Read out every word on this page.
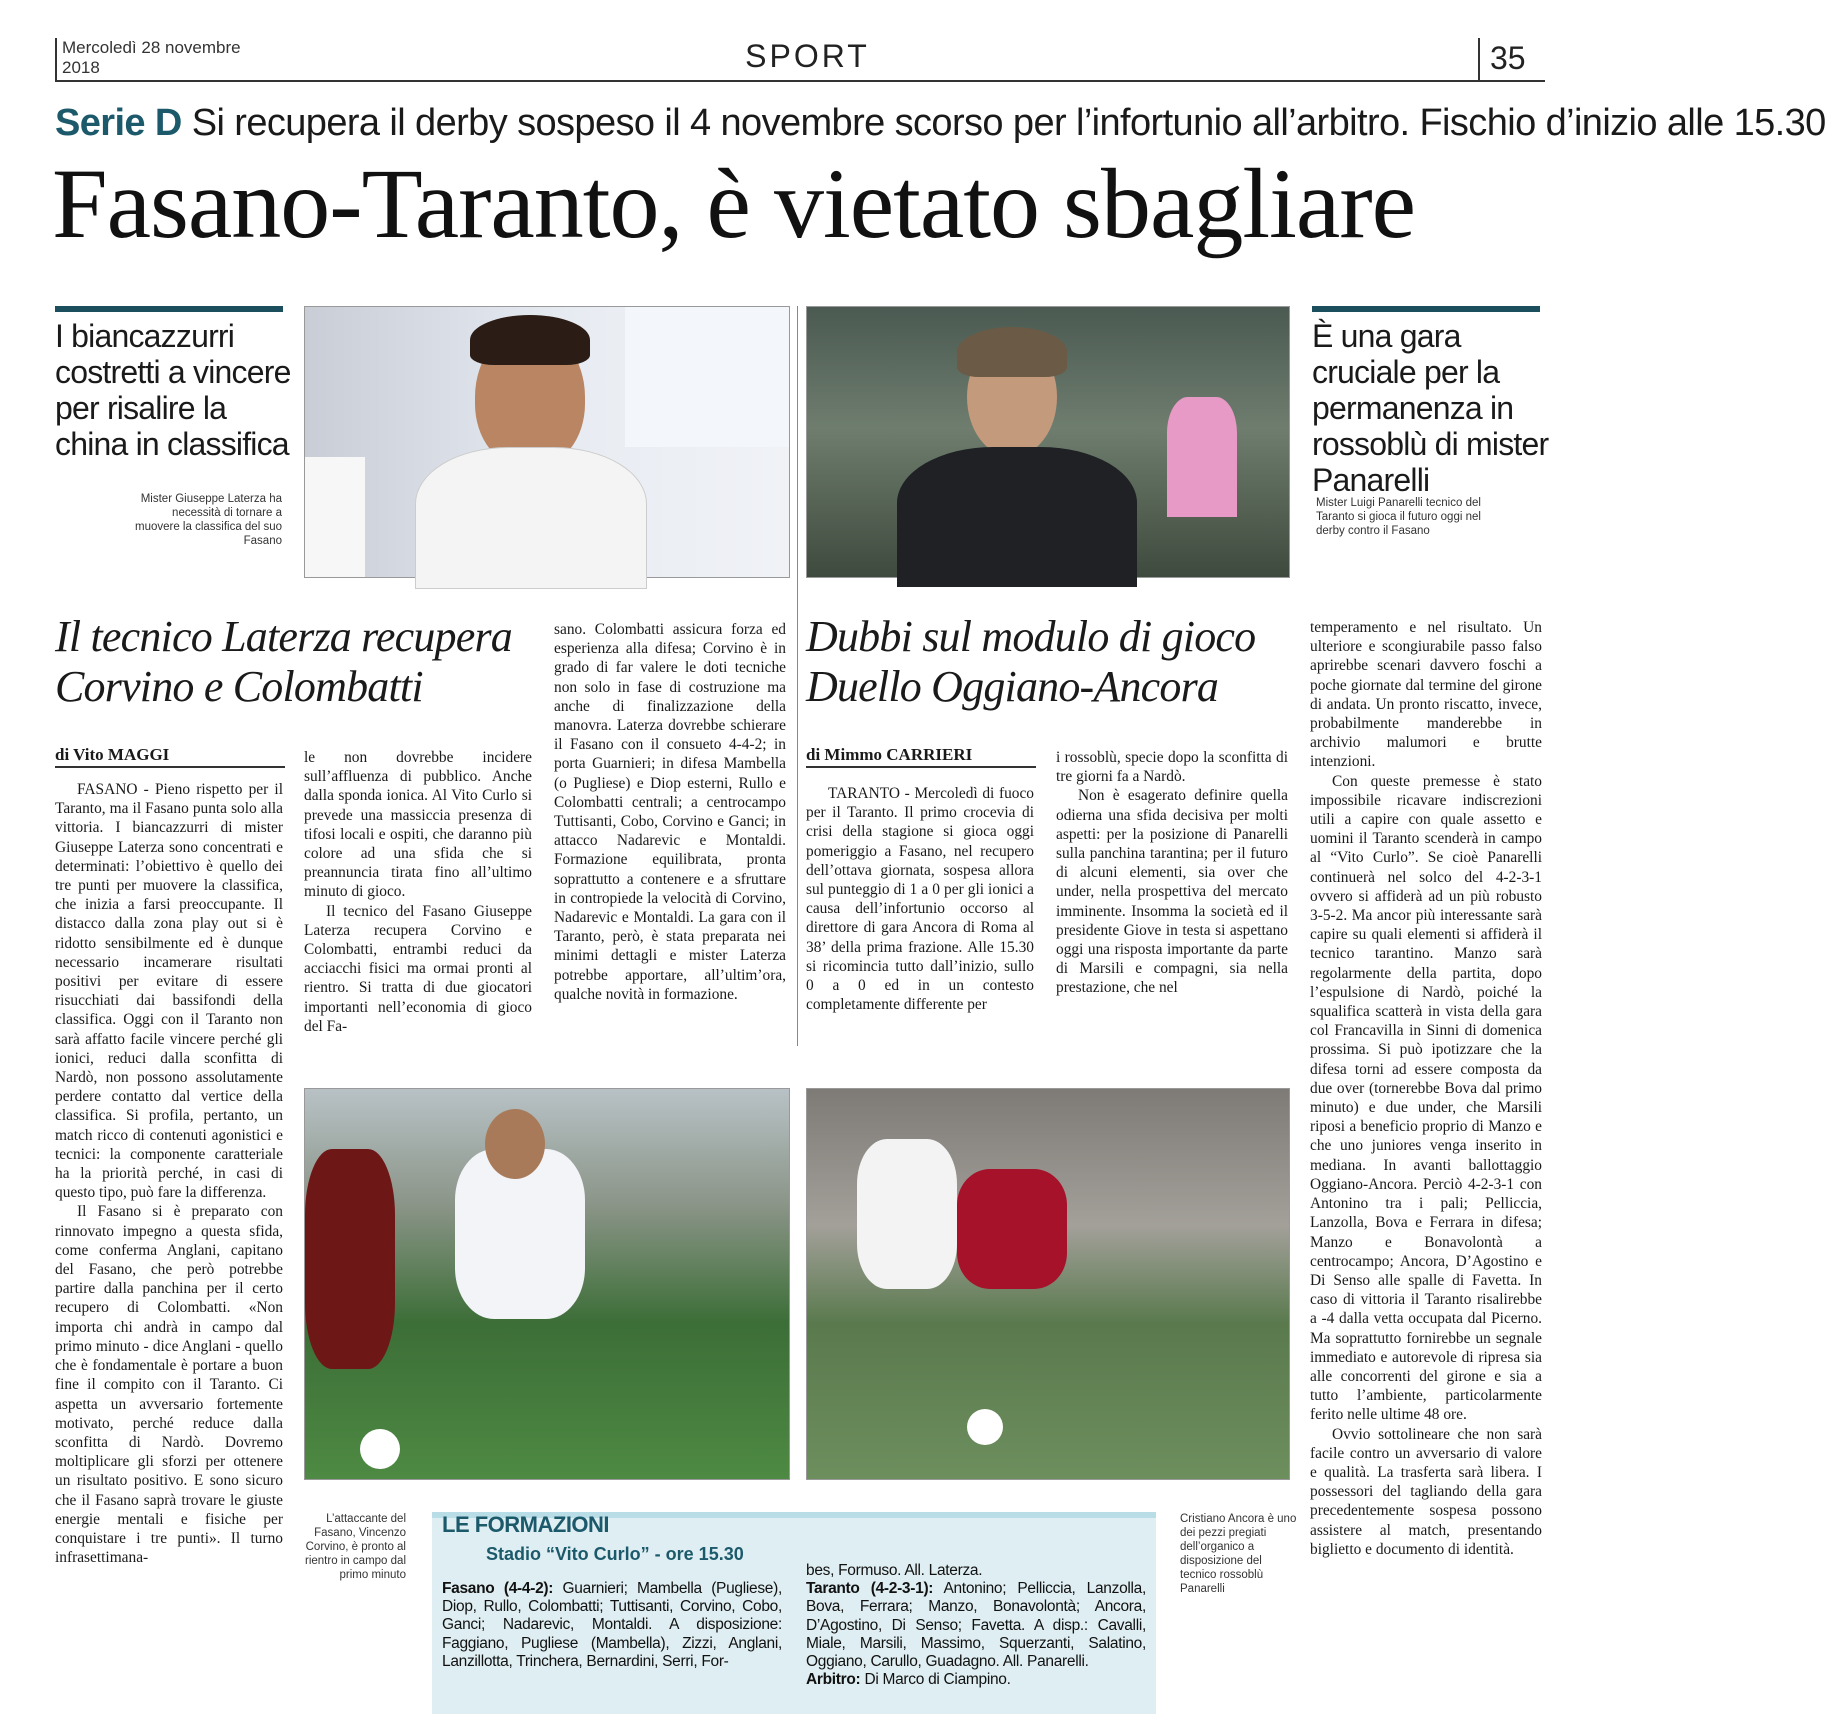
Mercoledì 28 novembre 2018	SPORT	35
Serie D Si recupera il derby sospeso il 4 novembre scorso per l’infortunio all’arbitro. Fischio d’inizio alle 15.30
Fasano-Taranto, è vietato sbagliare
I biancazzurri costretti a vincere per risalire la china in classifica
Mister Giuseppe Laterza ha necessità di tornare a muovere la classifica del suo Fasano
È una gara cruciale per la permanenza in rossoblù di mister Panarelli
Mister Luigi Panarelli tecnico del Taranto si gioca il futuro oggi nel derby contro il Fasano
Il tecnico Laterza recupera Corvino e Colombatti
di Vito MAGGI

FASANO - Pieno rispetto per il Taranto, ma il Fasano punta solo alla vittoria. I biancazzurri di mister Giuseppe Laterza sono concentrati e determinati: l’obiettivo è quello dei tre punti per muovere la classifica, che inizia a farsi preoccupante. Il distacco dalla zona play out si è ridotto sensibilmente ed è dunque necessario incamerare risultati positivi per evitare di essere risucchiati dai bassifondi della classifica. Oggi con il Taranto non sarà affatto facile vincere perché gli ionici, reduci dalla sconfitta di Nardò, non possono assolutamente perdere contatto dal vertice della classifica. Si profila, pertanto, un match ricco di contenuti agonistici e tecnici: la componente caratteriale ha la priorità perché, in casi di questo tipo, può fare la differenza.

Il Fasano si è preparato con rinnovato impegno a questa sfida, come conferma Anglani, capitano del Fasano, che però potrebbe partire dalla panchina per il certo recupero di Colombatti. «Non importa chi andrà in campo dal primo minuto - dice Anglani - quello che è fondamentale è portare a buon fine il compito con il Taranto. Ci aspetta un avversario fortemente motivato, perché reduce dalla sconfitta di Nardò. Dovremo moltiplicare gli sforzi per ottenere un risultato positivo. E sono sicuro che il Fasano saprà trovare le giuste energie mentali e fisiche per conquistare i tre punti». Il turno infrasettimana-

le non dovrebbe incidere sull’affluenza di pubblico. Anche dalla sponda ionica. Al Vito Curlo si prevede una massiccia presenza di tifosi locali e ospiti, che daranno più colore ad una sfida che si preannuncia tirata fino all’ultimo minuto di gioco.

Il tecnico del Fasano Giuseppe Laterza recupera Corvino e Colombatti, entrambi reduci da acciacchi fisici ma ormai pronti al rientro. Si tratta di due giocatori importanti nell’economia di gioco del Fa-

sano. Colombatti assicura forza ed esperienza alla difesa; Corvino è in grado di far valere le doti tecniche non solo in fase di costruzione ma anche di finalizzazione della manovra. Laterza dovrebbe schierare il Fasano con il consueto 4-4-2; in porta Guarnieri; in difesa Mambella (o Pugliese) e Diop esterni, Rullo e Colombatti centrali; a centrocampo Tuttisanti, Cobo, Corvino e Ganci; in attacco Nadarevic e Montaldi. Formazione equilibrata, pronta soprattutto a contenere e a sfruttare in contropiede la velocità di Corvino, Nadarevic e Montaldi. La gara con il Taranto, però, è stata preparata nei minimi dettagli e mister Laterza potrebbe apportare, all’ultim’ora, qualche novità in formazione.

Dubbi sul modulo di gioco Duello Oggiano-Ancora
di Mimmo CARRIERI

TARANTO - Mercoledì di fuoco per il Taranto. Il primo crocevia di crisi della stagione si gioca oggi pomeriggio a Fasano, nel recupero dell’ottava giornata, sospesa allora sul punteggio di 1 a 0 per gli ionici a causa dell’infortunio occorso al direttore di gara Ancora di Roma al 38’ della prima frazione. Alle 15.30 si ricomincia tutto dall’inizio, sullo 0 a 0 ed in un contesto completamente differente per

i rossoblù, specie dopo la sconfitta di tre giorni fa a Nardò.

Non è esagerato definire quella odierna una sfida decisiva per molti aspetti: per la posizione di Panarelli sulla panchina tarantina; per il futuro di alcuni elementi, sia over che under, nella prospettiva del mercato imminente. Insomma la società ed il presidente Giove in testa si aspettano oggi una risposta importante da parte di Marsili e compagni, sia nella prestazione, che nel

temperamento e nel risultato. Un ulteriore e scongiurabile passo falso aprirebbe scenari davvero foschi a poche giornate dal termine del girone di andata. Un pronto riscatto, invece, probabilmente manderebbe in archivio malumori e brutte intenzioni.

Con queste premesse è stato impossibile ricavare indiscrezioni utili a capire con quale assetto e uomini il Taranto scenderà in campo al “Vito Curlo”. Se cioè Panarelli continuerà nel solco del 4-2-3-1 ovvero si affiderà ad un più robusto 3-5-2. Ma ancor più interessante sarà capire su quali elementi si affiderà il tecnico tarantino. Manzo sarà regolarmente della partita, dopo l’espulsione di Nardò, poiché la squalifica scatterà in vista della gara col Francavilla in Sinni di domenica prossima. Si può ipotizzare che la difesa torni ad essere composta da due over (tornerebbe Bova dal primo minuto) e due under, che Marsili riposi a beneficio proprio di Manzo e che uno juniores venga inserito in mediana. In avanti ballottaggio Oggiano-Ancora. Perciò 4-2-3-1 con Antonino tra i pali; Pelliccia, Lanzolla, Bova e Ferrara in difesa; Manzo e Bonavolontà a centrocampo; Ancora, D’Agostino e Di Senso alle spalle di Favetta. In caso di vittoria il Taranto risalirebbe a -4 dalla vetta occupata dal Picerno. Ma soprattutto fornirebbe un segnale immediato e autorevole di ripresa sia alle concorrenti del girone e sia a tutto l’ambiente, particolarmente ferito nelle ultime 48 ore.

Ovvio sottolineare che non sarà facile contro un avversario di valore e qualità. La trasferta sarà libera. I possessori del tagliando della gara precedentemente sospesa possono assistere al match, presentando biglietto e documento di identità.

L’attaccante del Fasano, Vincenzo Corvino, è pronto al rientro in campo dal primo minuto
Cristiano Ancora è uno dei pezzi pregiati dell’organico a disposizione del tecnico rossoblù Panarelli
LE FORMAZIONI
Stadio “Vito Curlo” - ore 15.30
Fasano (4-4-2): Guarnieri; Mambella (Pugliese), Diop, Rullo, Colombatti; Tuttisanti, Corvino, Cobo, Ganci; Nadarevic, Montaldi. A disposizione: Faggiano, Pugliese (Mambella), Zizzi, Anglani, Lanzillotta, Trinchera, Bernardini, Serri, For-
bes, Formuso. All. Laterza.
Taranto (4-2-3-1): Antonino; Pelliccia, Lanzolla, Bova, Ferrara; Manzo, Bonavolontà; Ancora, D’Agostino, Di Senso; Favetta. A disp.: Cavalli, Miale, Marsili, Massimo, Squerzanti, Salatino, Oggiano, Carullo, Guadagno. All. Panarelli.
Arbitro: Di Marco di Ciampino.
